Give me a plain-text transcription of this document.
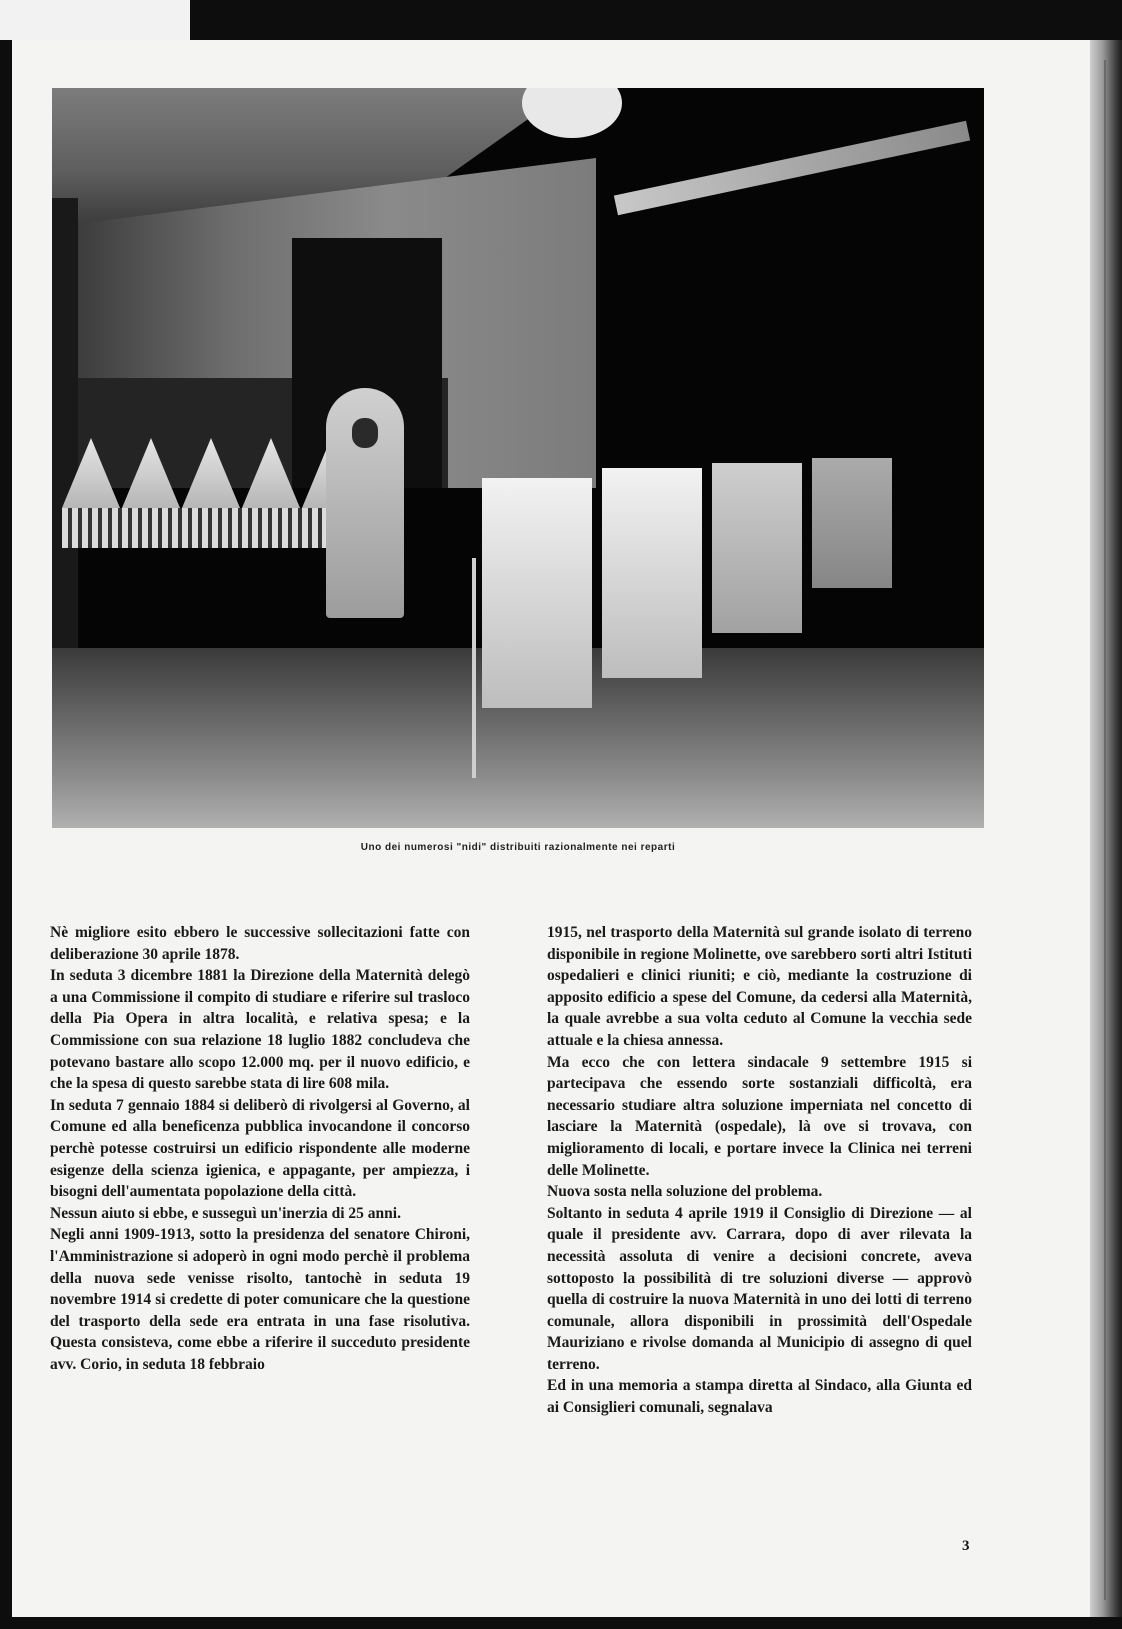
Uno dei numerosi "nidi" distribuiti razionalmente nei reparti

Nè migliore esito ebbero le successive sollecitazioni fatte con deliberazione 30 aprile 1878.

In seduta 3 dicembre 1881 la Direzione della Maternità delegò a una Commissione il compito di studiare e riferire sul trasloco della Pia Opera in altra località, e relativa spesa; e la Commissione con sua relazione 18 luglio 1882 concludeva che potevano bastare allo scopo 12.000 mq. per il nuovo edificio, e che la spesa di questo sarebbe stata di lire 608 mila.

In seduta 7 gennaio 1884 si deliberò di rivolgersi al Governo, al Comune ed alla beneficenza pubblica invocandone il concorso perchè potesse costruirsi un edificio rispondente alle moderne esigenze della scienza igienica, e appagante, per ampiezza, i bisogni dell'aumentata popolazione della città.

Nessun aiuto si ebbe, e susseguì un'inerzia di 25 anni.

Negli anni 1909-1913, sotto la presidenza del senatore Chironi, l'Amministrazione si adoperò in ogni modo perchè il problema della nuova sede venisse risolto, tantochè in seduta 19 novembre 1914 si credette di poter comunicare che la questione del trasporto della sede era entrata in una fase risolutiva. Questa consisteva, come ebbe a riferire il succeduto presidente avv. Corio, in seduta 18 febbraio

1915, nel trasporto della Maternità sul grande isolato di terreno disponibile in regione Molinette, ove sarebbero sorti altri Istituti ospedalieri e clinici riuniti; e ciò, mediante la costruzione di apposito edificio a spese del Comune, da cedersi alla Maternità, la quale avrebbe a sua volta ceduto al Comune la vecchia sede attuale e la chiesa annessa.

Ma ecco che con lettera sindacale 9 settembre 1915 si partecipava che essendo sorte sostanziali difficoltà, era necessario studiare altra soluzione imperniata nel concetto di lasciare la Maternità (ospedale), là ove si trovava, con miglioramento di locali, e portare invece la Clinica nei terreni delle Molinette.

Nuova sosta nella soluzione del problema.

Soltanto in seduta 4 aprile 1919 il Consiglio di Direzione — al quale il presidente avv. Carrara, dopo di aver rilevata la necessità assoluta di venire a decisioni concrete, aveva sottoposto la possibilità di tre soluzioni diverse — approvò quella di costruire la nuova Maternità in uno dei lotti di terreno comunale, allora disponibili in prossimità dell'Ospedale Mauriziano e rivolse domanda al Municipio di assegno di quel terreno.

Ed in una memoria a stampa diretta al Sindaco, alla Giunta ed ai Consiglieri comunali, segnalava

3
